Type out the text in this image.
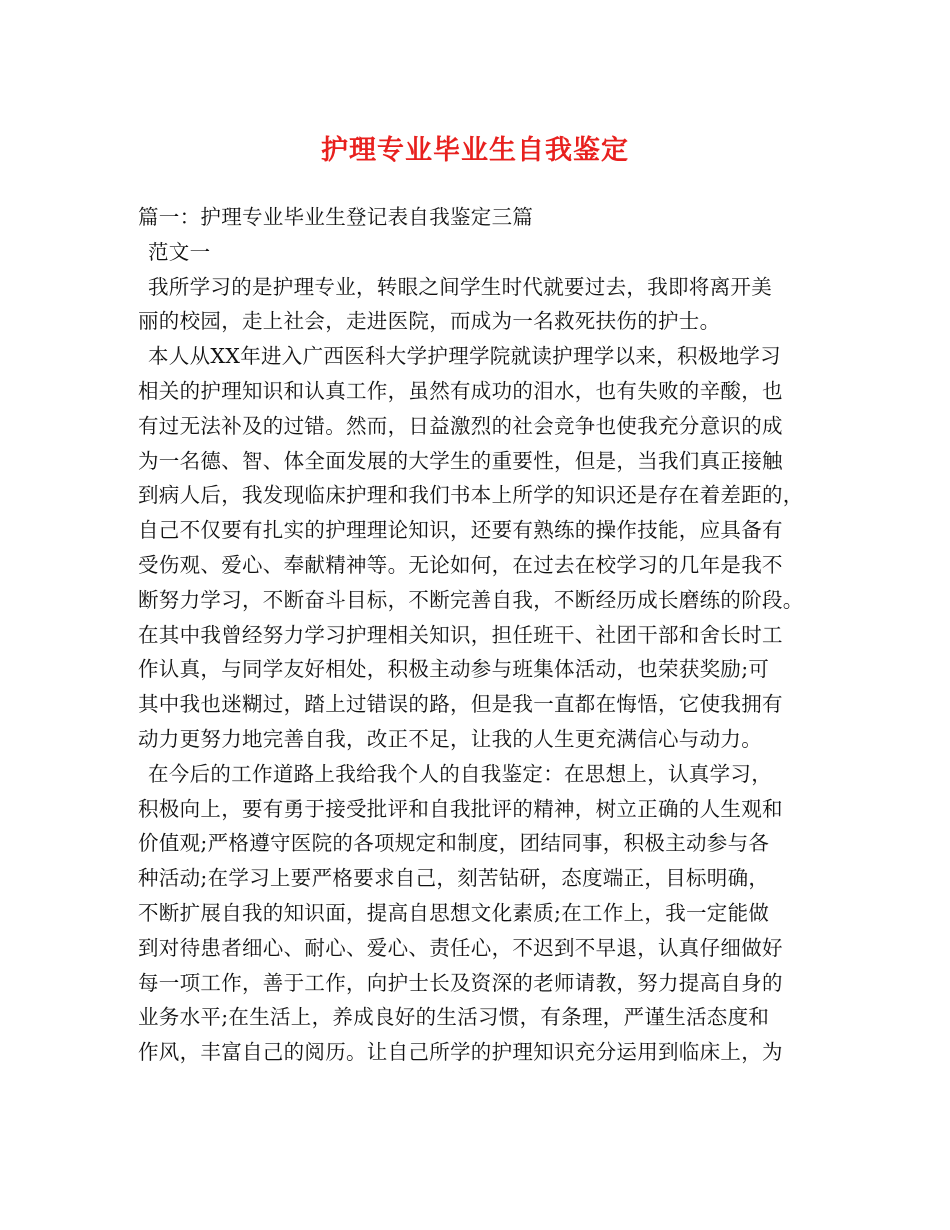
护理专业毕业生自我鉴定
篇一：护理专业毕业生登记表自我鉴定三篇
范文一
我所学习的是护理专业，转眼之间学生时代就要过去，我即将离开美
丽的校园，走上社会，走进医院，而成为一名救死扶伤的护士。
本人从XX年进入广西医科大学护理学院就读护理学以来，积极地学习
相关的护理知识和认真工作，虽然有成功的泪水，也有失败的辛酸，也
有过无法补及的过错。然而，日益激烈的社会竞争也使我充分意识的成
为一名德、智、体全面发展的大学生的重要性，但是，当我们真正接触
到病人后，我发现临床护理和我们书本上所学的知识还是存在着差距的，
自己不仅要有扎实的护理理论知识，还要有熟练的操作技能，应具备有
受伤观、爱心、奉献精神等。无论如何，在过去在校学习的几年是我不
断努力学习，不断奋斗目标，不断完善自我，不断经历成长磨练的阶段。
在其中我曾经努力学习护理相关知识，担任班干、社团干部和舍长时工
作认真，与同学友好相处，积极主动参与班集体活动，也荣获奖励;可
其中我也迷糊过，踏上过错误的路，但是我一直都在悔悟，它使我拥有
动力更努力地完善自我，改正不足，让我的人生更充满信心与动力。
在今后的工作道路上我给我个人的自我鉴定：在思想上，认真学习，
积极向上，要有勇于接受批评和自我批评的精神，树立正确的人生观和
价值观;严格遵守医院的各项规定和制度，团结同事，积极主动参与各
种活动;在学习上要严格要求自己，刻苦钻研，态度端正，目标明确，
不断扩展自我的知识面，提高自思想文化素质;在工作上，我一定能做
到对待患者细心、耐心、爱心、责任心，不迟到不早退，认真仔细做好
每一项工作，善于工作，向护士长及资深的老师请教，努力提高自身的
业务水平;在生活上，养成良好的生活习惯，有条理，严谨生活态度和
作风，丰富自己的阅历。让自己所学的护理知识充分运用到临床上，为
